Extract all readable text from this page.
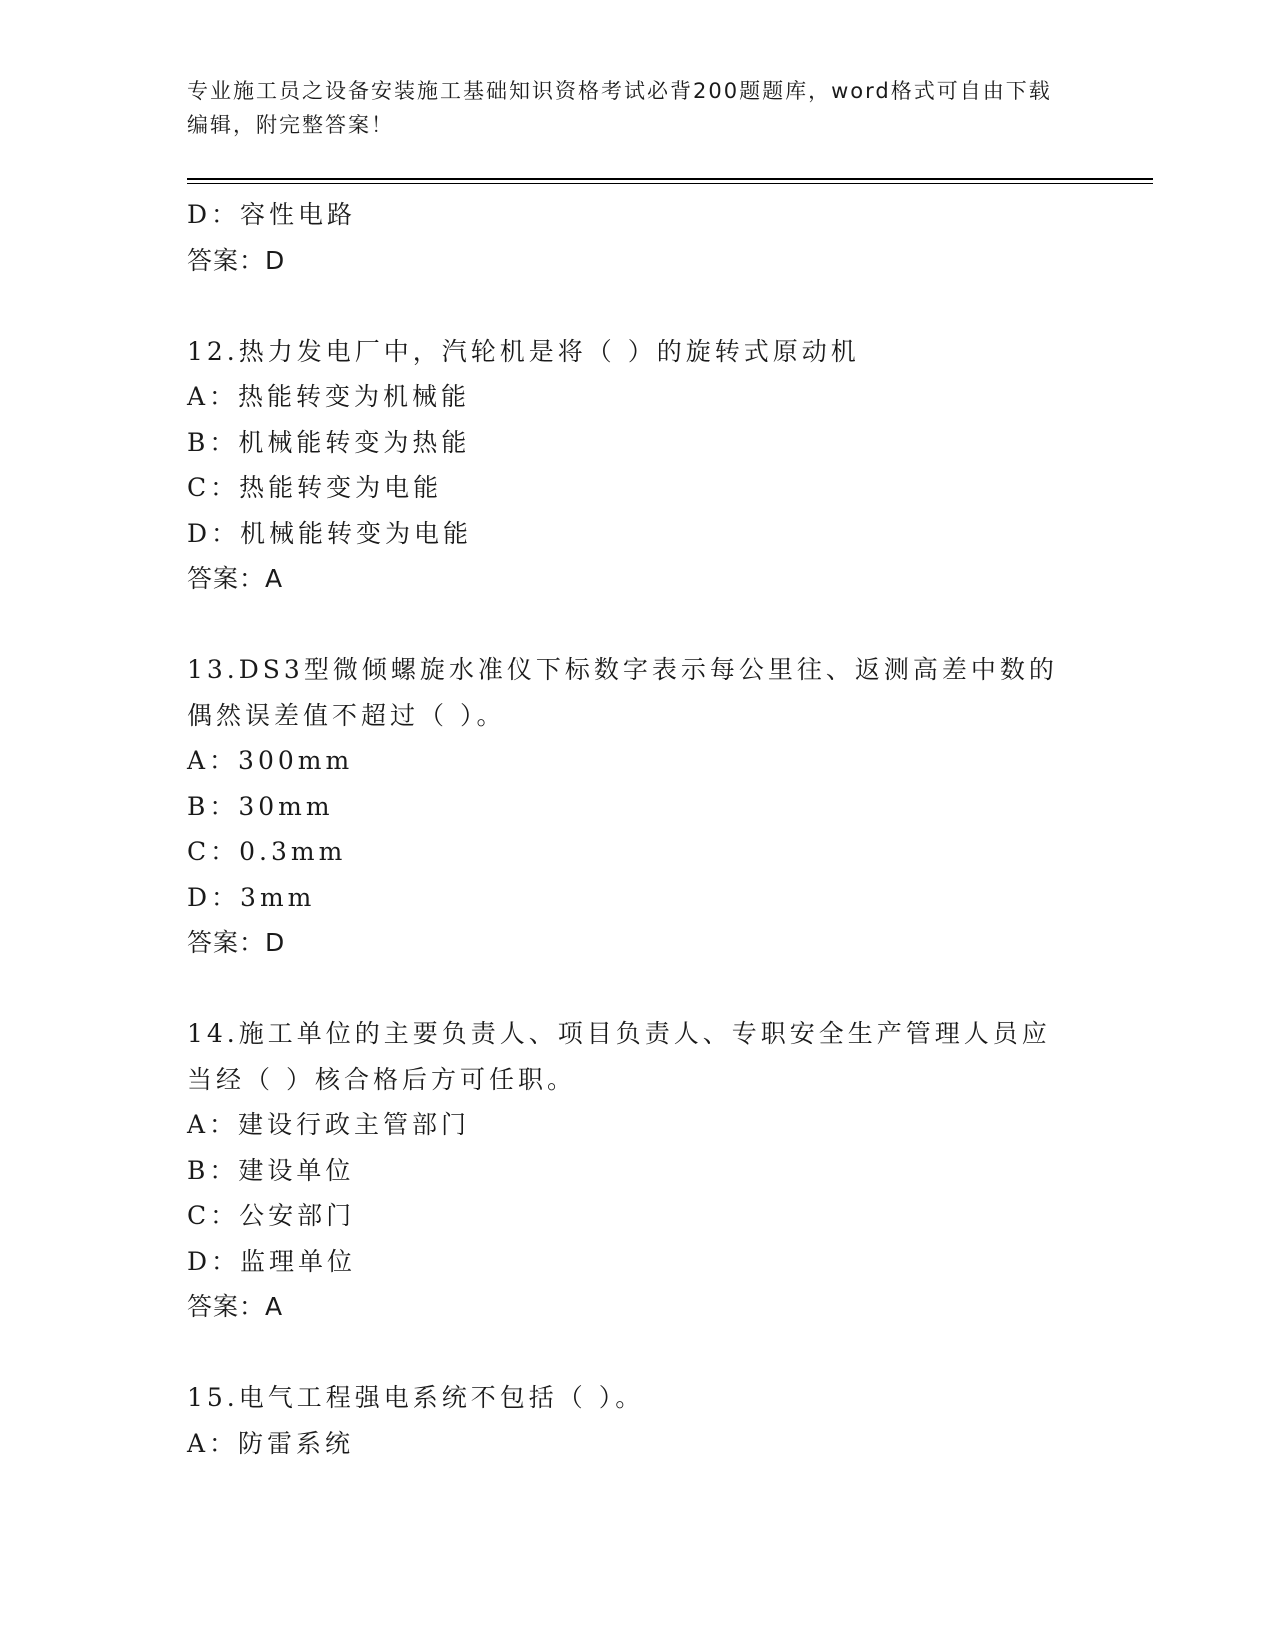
专业施工员之设备安装施工基础知识资格考试必背200题题库，word格式可自由下载编辑，附完整答案！
D：容性电路
答案：D
12.热力发电厂中，汽轮机是将（ ）的旋转式原动机
A：热能转变为机械能
B：机械能转变为热能
C：热能转变为电能
D：机械能转变为电能
答案：A
13.DS3型微倾螺旋水准仪下标数字表示每公里往、返测高差中数的偶然误差值不超过（ ）。
A：300mm
B：30mm
C：0.3mm
D：3mm
答案：D
14.施工单位的主要负责人、项目负责人、专职安全生产管理人员应当经（ ）核合格后方可任职。
A：建设行政主管部门
B：建设单位
C：公安部门
D：监理单位
答案：A
15.电气工程强电系统不包括（ ）。
A：防雷系统
